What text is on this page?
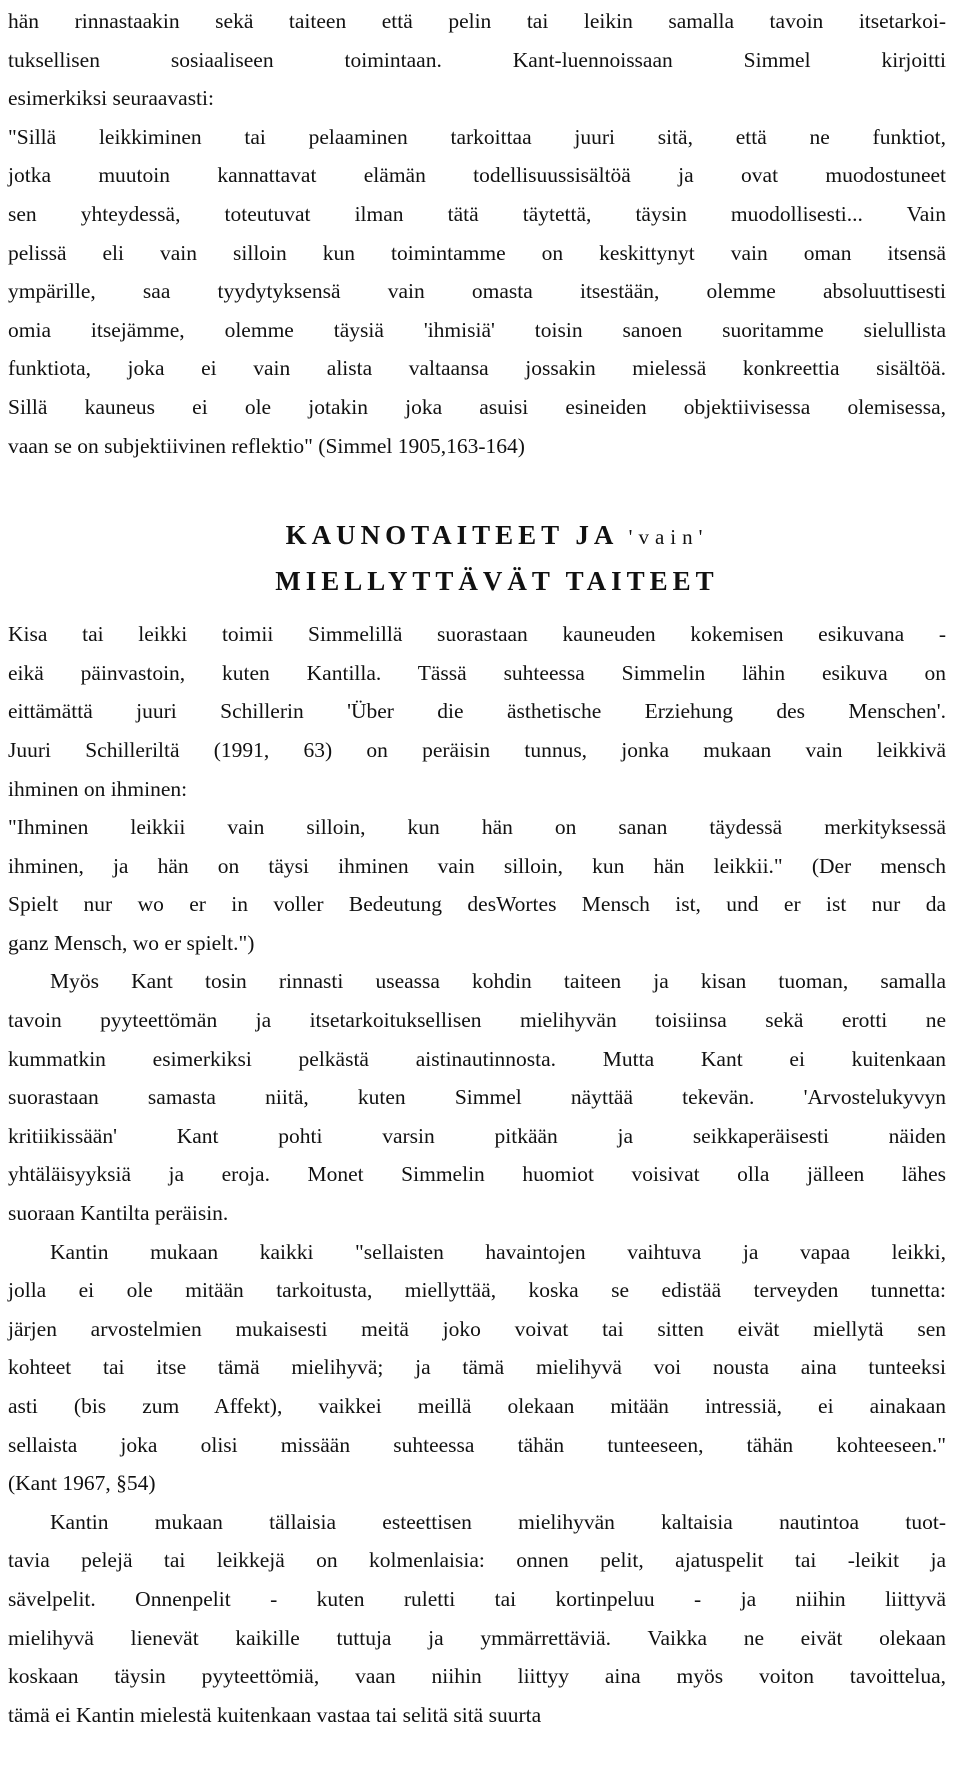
hän rinnastaakin sekä taiteen että pelin tai leikin samalla tavoin itsetarkoi-
tuksellisen sosiaaliseen toimintaan. Kant-luennoissaan Simmel kirjoitti
esimerkiksi seuraavasti:
"Sillä leikkiminen tai pelaaminen tarkoittaa juuri sitä, että ne funktiot,
jotka muutoin kannattavat elämän todellisuussisältöä ja ovat muodostuneet
sen yhteydessä, toteutuvat ilman tätä täytettä, täysin muodollisesti... Vain
pelissä eli vain silloin kun toimintamme on keskittynyt vain oman itsensä
ympärille, saa tyydytyksensä vain omasta itsestään, olemme absoluuttisesti
omia itsejämme, olemme täysiä 'ihmisiä' toisin sanoen suoritamme sielullista
funktiota, joka ei vain alista valtaansa jossakin mielessä konkreettia sisältöä.
Sillä kauneus ei ole jotakin joka asuisi esineiden objektiivisessa olemisessa,
vaan se on subjektiivinen reflektio" (Simmel 1905,163-164)
KAUNOTAITEET JA 'vain'
MIELLYTTÄVÄT TAITEET
Kisa tai leikki toimii Simmelillä suorastaan kauneuden kokemisen esikuvana -
eikä päinvastoin, kuten Kantilla. Tässä suhteessa Simmelin lähin esikuva on
eittämättä juuri Schillerin 'Über die ästhetische Erziehung des Menschen'.
Juuri Schilleriltä (1991, 63) on peräisin tunnus, jonka mukaan vain leikkivä
ihminen on ihminen:
"Ihminen leikkii vain silloin, kun hän on sanan täydessä merkityksessä
ihminen, ja hän on täysi ihminen vain silloin, kun hän leikkii." (Der mensch
Spielt nur wo er in voller Bedeutung desWortes Mensch ist, und er ist nur da
ganz Mensch, wo er spielt.")
Myös Kant tosin rinnasti useassa kohdin taiteen ja kisan tuoman, samalla
tavoin pyyteettömän ja itsetarkoituksellisen mielihyvän toisiinsa sekä erotti ne
kummatkin esimerkiksi pelkästä aistinautinnosta. Mutta Kant ei kuitenkaan
suorastaan samasta niitä, kuten Simmel näyttää tekevän. 'Arvostelukyvyn
kritiikissään' Kant pohti varsin pitkään ja seikkaperäisesti näiden
yhtäläisyyksiä ja eroja. Monet Simmelin huomiot voisivat olla jälleen lähes
suoraan Kantilta peräisin.
Kantin mukaan kaikki "sellaisten havaintojen vaihtuva ja vapaa leikki,
jolla ei ole mitään tarkoitusta, miellyttää, koska se edistää terveyden tunnetta:
järjen arvostelmien mukaisesti meitä joko voivat tai sitten eivät miellytä sen
kohteet tai itse tämä mielihyvä; ja tämä mielihyvä voi nousta aina tunteeksi
asti (bis zum Affekt), vaikkei meillä olekaan mitään intressiä, ei ainakaan
sellaista joka olisi missään suhteessa tähän tunteeseen, tähän kohteeseen."
(Kant 1967, §54)
Kantin mukaan tällaisia esteettisen mielihyvän kaltaisia nautintoa tuot-
tavia pelejä tai leikkejä on kolmenlaisia: onnen pelit, ajatuspelit tai -leikit ja
sävelpelit. Onnenpelit - kuten ruletti tai kortinpeluu - ja niihin liittyvä
mielihyvä lienevät kaikille tuttuja ja ymmärrettäviä. Vaikka ne eivät olekaan
koskaan täysin pyyteettömiä, vaan niihin liittyy aina myös voiton tavoittelua,
tämä ei Kantin mielestä kuitenkaan vastaa tai selitä sitä suurta
